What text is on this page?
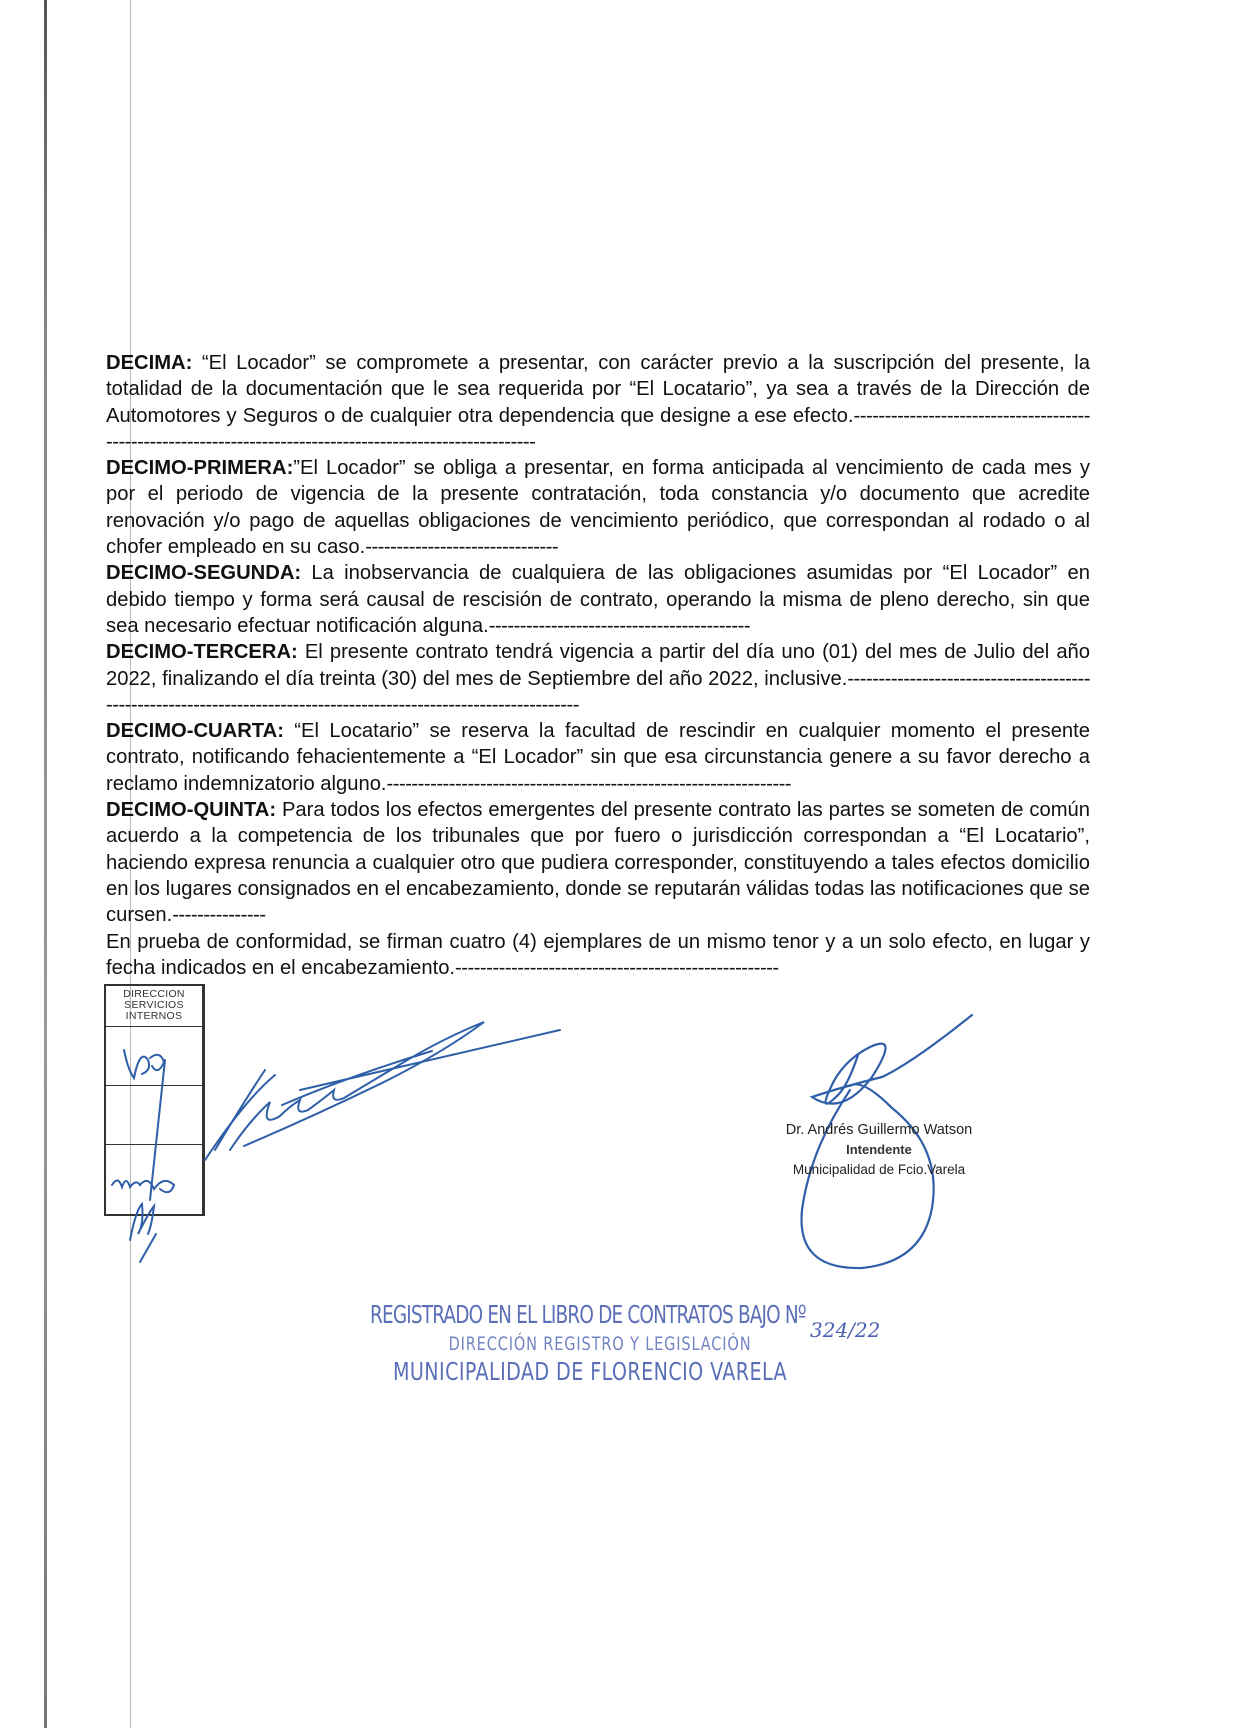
DECIMA: “El Locador” se compromete a presentar, con carácter previo a la suscripción del presente, la totalidad de la documentación que le sea requerida por “El Locatario”, ya sea a través de la Dirección de Automotores y Seguros o de cualquier otra dependencia que designe a ese efecto.-----------------------------------------------------------------------------------------------------------

DECIMO-PRIMERA:”El Locador” se obliga a presentar, en forma anticipada al vencimiento de cada mes y por el periodo de vigencia de la presente contratación, toda constancia y/o documento que acredite renovación y/o pago de aquellas obligaciones de vencimiento periódico, que correspondan al rodado o al chofer empleado en su caso.-------------------------------

DECIMO-SEGUNDA: La inobservancia de cualquiera de las obligaciones asumidas por “El Locador” en debido tiempo y forma será causal de rescisión de contrato, operando la misma de pleno derecho, sin que sea necesario efectuar notificación alguna.------------------------------------------

DECIMO-TERCERA: El presente contrato tendrá vigencia a partir del día uno (01) del mes de Julio del año 2022, finalizando el día treinta (30) del mes de Septiembre del año 2022, inclusive.-------------------------------------------------------------------------------------------------------------------

DECIMO-CUARTA: “El Locatario” se reserva la facultad de rescindir en cualquier momento el presente contrato, notificando fehacientemente a “El Locador” sin que esa circunstancia genere a su favor derecho a reclamo indemnizatorio alguno.-----------------------------------------------------------------

DECIMO-QUINTA: Para todos los efectos emergentes del presente contrato las partes se someten de común acuerdo a la competencia de los tribunales que por fuero o jurisdicción correspondan a “El Locatario”, haciendo expresa renuncia a cualquier otro que pudiera corresponder, constituyendo a tales efectos domicilio en los lugares consignados en el encabezamiento, donde se reputarán válidas todas las notificaciones que se cursen.---------------

En prueba de conformidad, se firman cuatro (4) ejemplares de un mismo tenor y a un solo efecto, en lugar y fecha indicados en el encabezamiento.----------------------------------------------------

DIRECCION
SERVICIOS
INTERNOS
Dr. Andrés Guillermo Watson
Intendente
Municipalidad de Fcio.Varela
REGISTRADO EN EL LIBRO DE CONTRATOS BAJO Nº
DIRECCIÓN REGISTRO Y LEGISLACIÓN
MUNICIPALIDAD DE FLORENCIO VARELA
324/22
